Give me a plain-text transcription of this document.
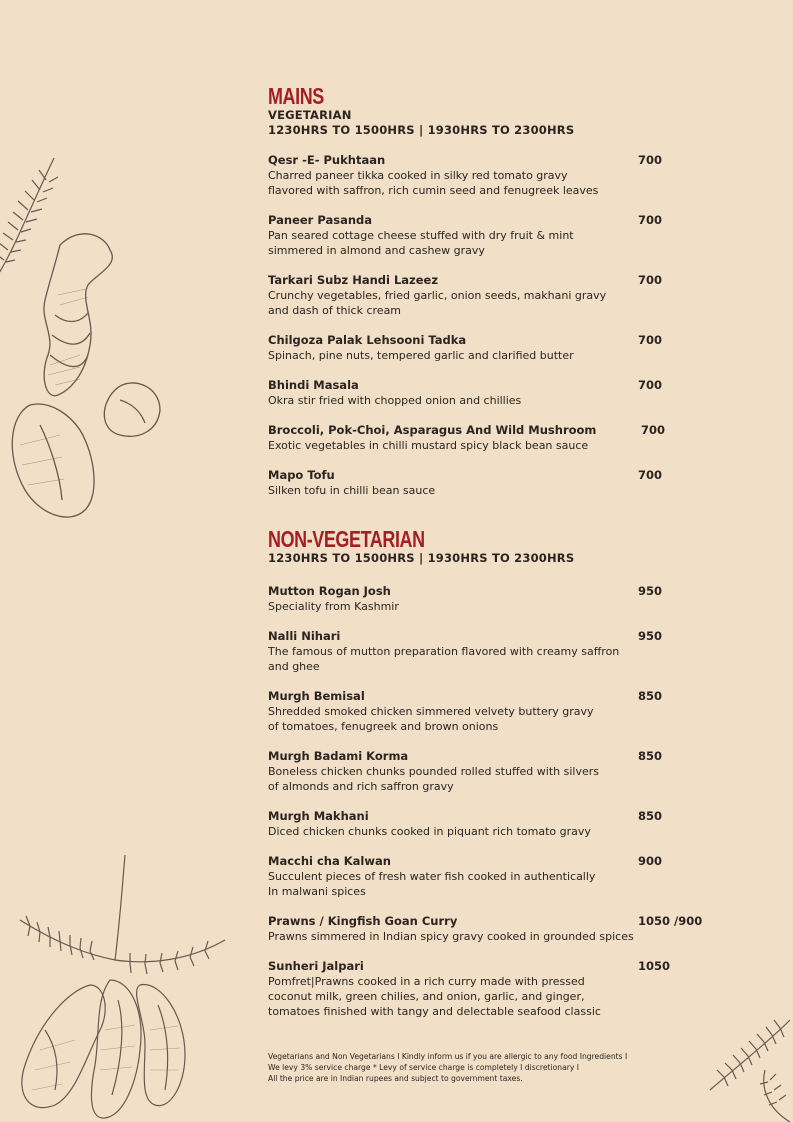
MAINS
VEGETARIAN
1230HRS TO 1500HRS | 1930HRS TO 2300HRS
Qesr -E- Pukhtaan	700
Charred paneer tikka cooked in silky red tomato gravy
flavored with saffron, rich cumin seed and fenugreek leaves
Paneer Pasanda	700
Pan seared cottage cheese stuffed with dry fruit & mint
simmered in almond and cashew gravy
Tarkari Subz Handi Lazeez	700
Crunchy vegetables, fried garlic, onion seeds, makhani gravy
and dash of thick cream
Chilgoza Palak Lehsooni Tadka	700
Spinach, pine nuts, tempered garlic and clarified butter
Bhindi Masala	700
Okra stir fried with chopped onion and chillies
Broccoli, Pok-Choi, Asparagus And Wild Mushroom	700
Exotic vegetables in chilli mustard spicy black bean sauce
Mapo Tofu	700
Silken tofu in chilli bean sauce
NON-VEGETARIAN
1230HRS TO 1500HRS | 1930HRS TO 2300HRS
Mutton Rogan Josh	950
Speciality from Kashmir
Nalli Nihari	950
The famous of mutton preparation flavored with creamy saffron
and ghee
Murgh Bemisal	850
Shredded smoked chicken simmered velvety buttery gravy
of tomatoes, fenugreek and brown onions
Murgh Badami Korma	850
Boneless chicken chunks pounded rolled stuffed with silvers
of almonds and rich saffron gravy
Murgh Makhani	850
Diced chicken chunks cooked in piquant rich tomato gravy
Macchi cha Kalwan	900
Succulent pieces of fresh water fish cooked in authentically
In malwani spices
Prawns / Kingfish Goan Curry	1050 /900
Prawns simmered in Indian spicy gravy cooked in grounded spices
Sunheri Jalpari	1050
Pomfret|Prawns cooked in a rich curry made with pressed
coconut milk, green chilies, and onion, garlic, and ginger,
tomatoes finished with tangy and delectable seafood classic
Vegetarians and Non Vegetarians I Kindly inform us if you are allergic to any food Ingredients I
We levy 3% service charge * Levy of service charge is completely I discretionary I
All the price are in Indian rupees and subject to government taxes.
